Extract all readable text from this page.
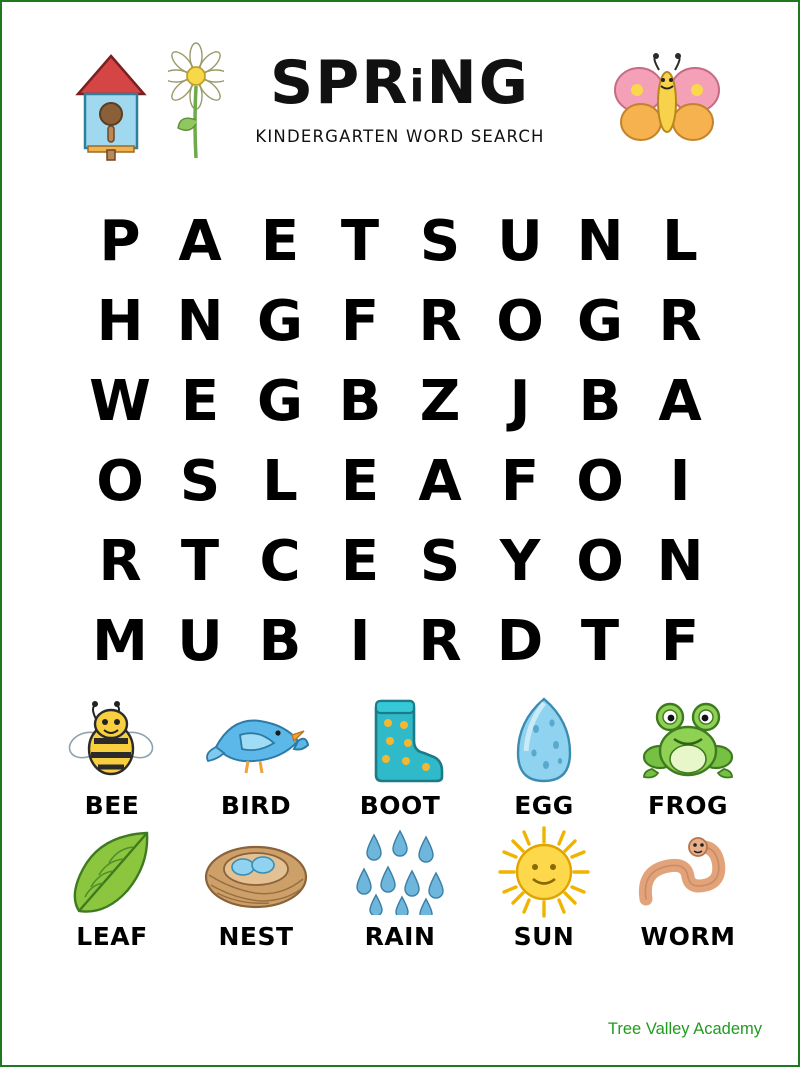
SPRiNG
KINDERGARTEN WORD SEARCH
P A E T S U N L
H N G F R O G R
W E G B Z J B A
O S L E A F O I
R T C E S Y O N
M U B I R D T F
BEE	BIRD	BOOT	EGG	FROG
LEAF	NEST	RAIN	SUN	WORM
Tree Valley Academy
